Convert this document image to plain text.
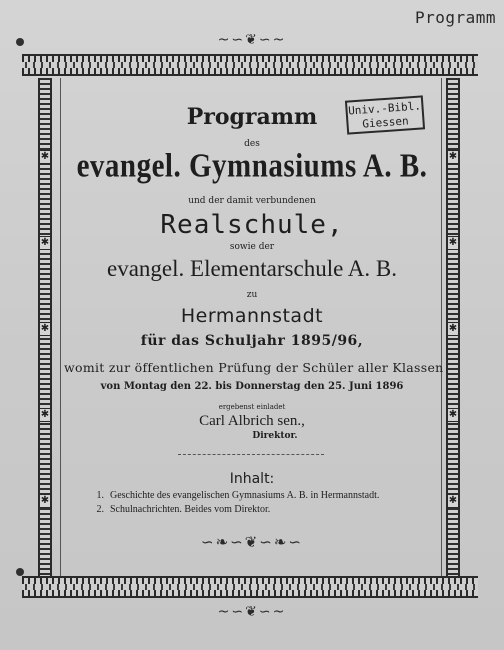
Programm
~∽❦∽~
✱
✱
✱
✱
✱
✱
✱
✱
✱
✱
Univ.-Bibl.
Giessen
Programm
des
evangel. Gymnasiums A. B.
und der damit verbundenen
Realschule,
sowie der
evangel. Elementarschule A. B.
zu
Hermannstadt
für das Schuljahr 1895/96,
womit zur öffentlichen Prüfung der Schüler aller Klassen
von Montag den 22. bis Donnerstag den 25. Juni 1896
ergebenst einladet
Carl Albrich sen.,
Direktor.
Inhalt:
1. Geschichte des evangelischen Gymnasiums A. B. in Hermannstadt.
2. Schulnachrichten. Beides vom Direktor.
∽❧∽❦∽❧∽
~∽❦∽~
